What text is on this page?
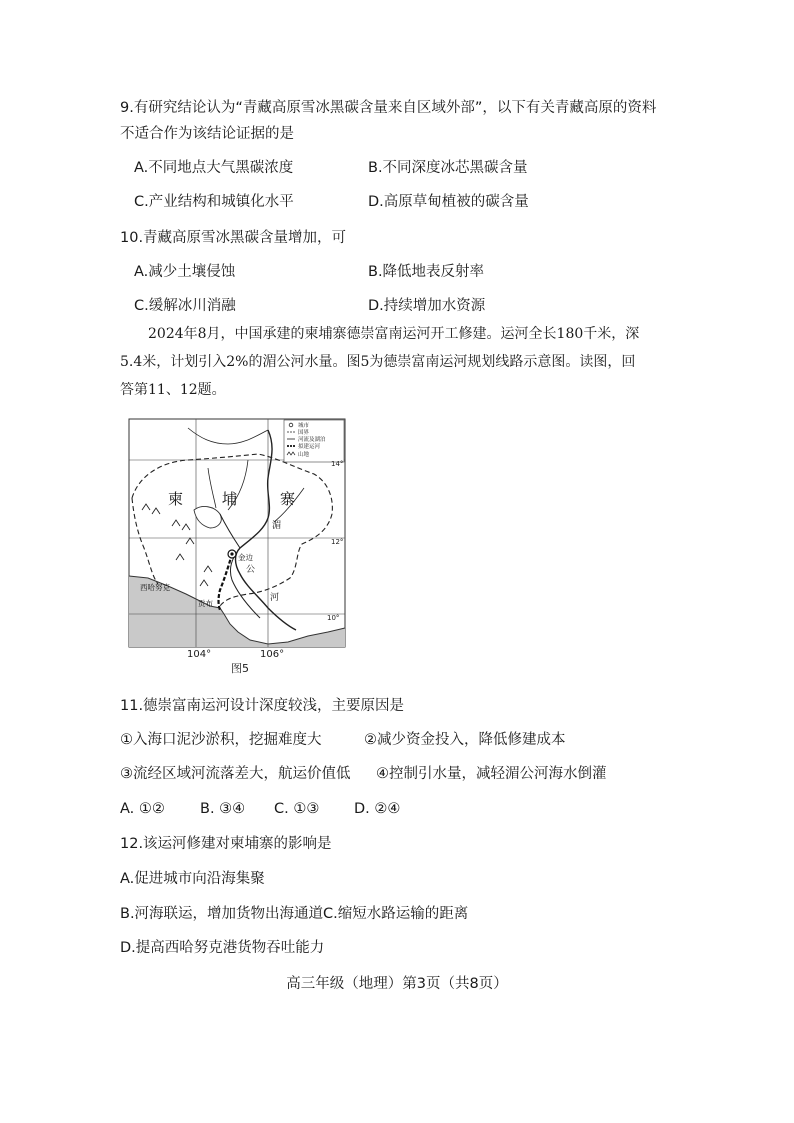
9.有研究结论认为“青藏高原雪冰黑碳含量来自区域外部”，以下有关青藏高原的资料
不适合作为该结论证据的是
A.不同地点大气黑碳浓度	B.不同深度冰芯黑碳含量
C.产业结构和城镇化水平	D.高原草甸植被的碳含量
10.青藏高原雪冰黑碳含量增加，可
A.减少土壤侵蚀	B.降低地表反射率
C.缓解冰川消融	D.持续增加水资源
2024年8月，中国承建的柬埔寨德崇富南运河开工修建。运河全长180千米，深
5.4米，计划引入2%的湄公河水量。图5为德崇富南运河规划线路示意图。读图，回
答第11、12题。
城市
国界
河流及湖泊
拟建运河
山地
14°
12°
10°
柬	埔	寨
湄
公
河
金边
西哈努克
贡布
104°	106°
图5
11.德崇富南运河设计深度较浅，主要原因是
①入海口泥沙淤积，挖掘难度大	②减少资金投入，降低修建成本
③流经区域河流落差大，航运价值低 ④控制引水量，减轻湄公河海水倒灌
A. ①② B. ③④ C. ①③ D. ②④
12.该运河修建对柬埔寨的影响是
A.促进城市向沿海集聚
B.河海联运，增加货物出海通道C.缩短水路运输的距离
D.提高西哈努克港货物吞吐能力
高三年级（地理）第3页（共8页）
